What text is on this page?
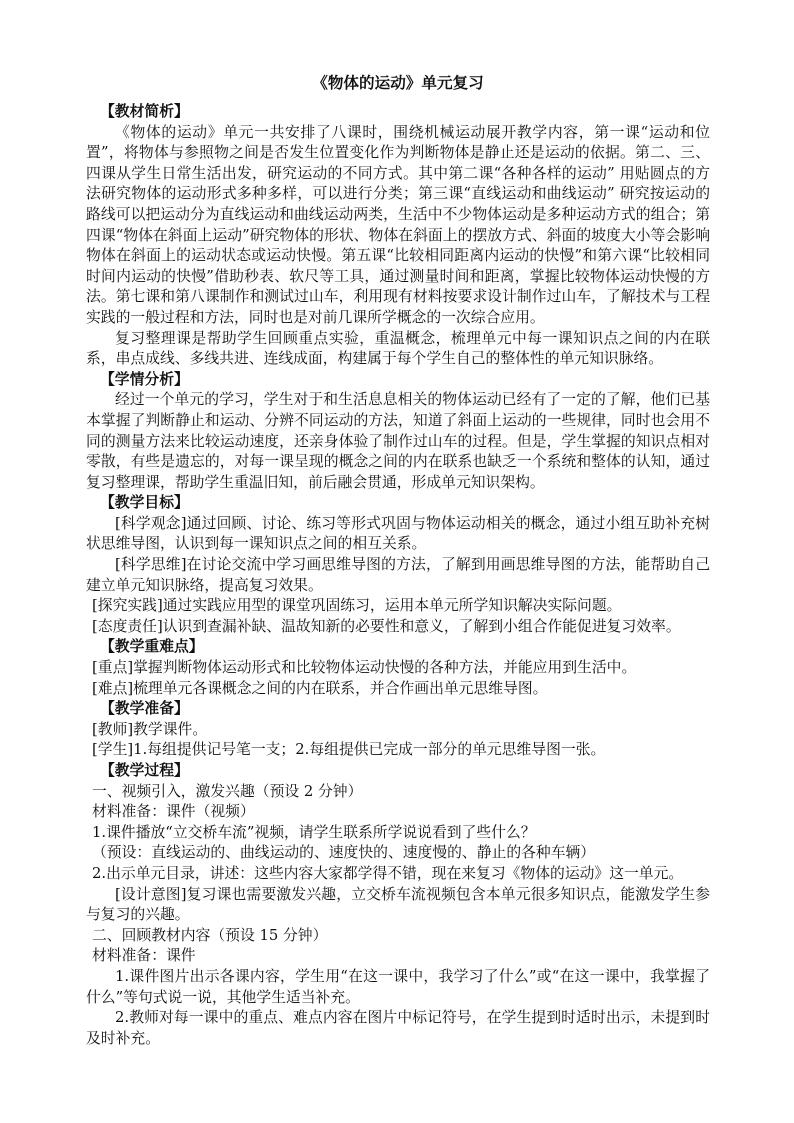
《物体的运动》单元复习
【教材简析】
《物体的运动》单元一共安排了八课时，围绕机械运动展开教学内容，第一课“运动和位置”，将物体与参照物之间是否发生位置变化作为判断物体是静止还是运动的依据。第二、三、四课从学生日常生活出发，研究运动的不同方式。其中第二课“各种各样的运动” 用贴圆点的方法研究物体的运动形式多种多样，可以进行分类；第三课“直线运动和曲线运动” 研究按运动的路线可以把运动分为直线运动和曲线运动两类，生活中不少物体运动是多种运动方式的组合；第四课“物体在斜面上运动”研究物体的形状、物体在斜面上的摆放方式、斜面的坡度大小等会影响物体在斜面上的运动状态或运动快慢。第五课“比较相同距离内运动的快慢”和第六课“比较相同时间内运动的快慢”借助秒表、软尺等工具，通过测量时间和距离，掌握比较物体运动快慢的方法。第七课和第八课制作和测试过山车，利用现有材料按要求设计制作过山车，了解技术与工程实践的一般过程和方法，同时也是对前几课所学概念的一次综合应用。
复习整理课是帮助学生回顾重点实验，重温概念，梳理单元中每一课知识点之间的内在联系，串点成线、多线共进、连线成面，构建属于每个学生自己的整体性的单元知识脉络。
【学情分析】
经过一个单元的学习，学生对于和生活息息相关的物体运动已经有了一定的了解，他们已基本掌握了判断静止和运动、分辨不同运动的方法，知道了斜面上运动的一些规律，同时也会用不同的测量方法来比较运动速度，还亲身体验了制作过山车的过程。但是，学生掌握的知识点相对零散，有些是遗忘的，对每一课呈现的概念之间的内在联系也缺乏一个系统和整体的认知，通过复习整理课，帮助学生重温旧知，前后融会贯通，形成单元知识架构。
【教学目标】
[科学观念]通过回顾、讨论、练习等形式巩固与物体运动相关的概念，通过小组互助补充树状思维导图，认识到每一课知识点之间的相互关系。
[科学思维]在讨论交流中学习画思维导图的方法，了解到用画思维导图的方法，能帮助自己建立单元知识脉络，提高复习效果。
[探究实践]通过实践应用型的课堂巩固练习，运用本单元所学知识解决实际问题。
[态度责任]认识到查漏补缺、温故知新的必要性和意义，了解到小组合作能促进复习效率。
【教学重难点】
[重点]掌握判断物体运动形式和比较物体运动快慢的各种方法，并能应用到生活中。
[难点]梳理单元各课概念之间的内在联系，并合作画出单元思维导图。
【教学准备】
[教师]教学课件。
[学生]1.每组提供记号笔一支；2.每组提供已完成一部分的单元思维导图一张。
【教学过程】
一、视频引入，激发兴趣（预设 2 分钟）
材料准备：课件（视频）
1.课件播放“立交桥车流”视频，请学生联系所学说说看到了些什么？
（预设：直线运动的、曲线运动的、速度快的、速度慢的、静止的各种车辆）
2.出示单元目录，讲述：这些内容大家都学得不错，现在来复习《物体的运动》这一单元。
[设计意图]复习课也需要激发兴趣，立交桥车流视频包含本单元很多知识点，能激发学生参与复习的兴趣。
二、回顾教材内容（预设 15 分钟）
材料准备：课件
1.课件图片出示各课内容，学生用“在这一课中，我学习了什么”或“在这一课中，我掌握了什么”等句式说一说，其他学生适当补充。
2.教师对每一课中的重点、难点内容在图片中标记符号，在学生提到时适时出示，未提到时及时补充。
